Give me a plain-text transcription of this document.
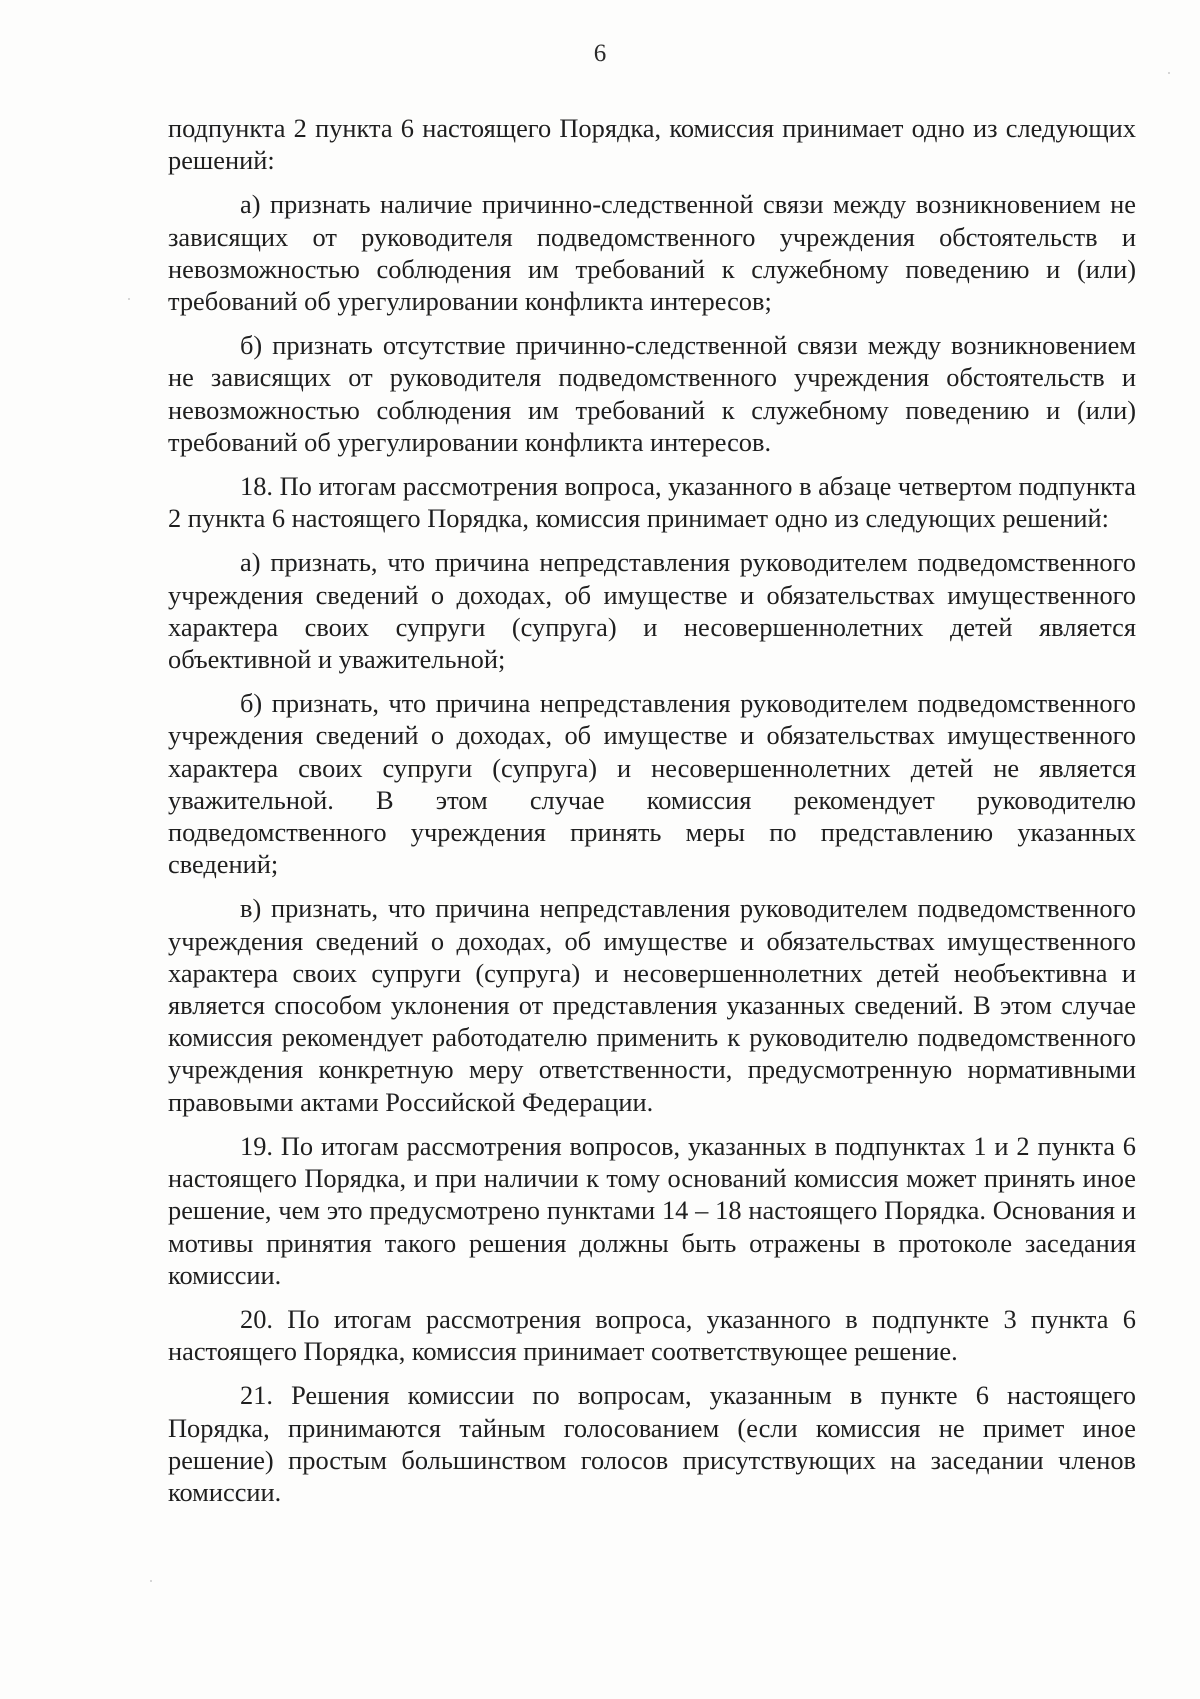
6

подпункта 2 пункта 6 настоящего Порядка, комиссия принимает одно из следующих решений:

а) признать наличие причинно-следственной связи между возникновением не зависящих от руководителя подведомственного учреждения обстоятельств и невозможностью соблюдения им требований к служебному поведению и (или) требований об урегулировании конфликта интересов;

б) признать отсутствие причинно-следственной связи между возникновением не зависящих от руководителя подведомственного учреждения обстоятельств и невозможностью соблюдения им требований к служебному поведению и (или) требований об урегулировании конфликта интересов.

18. По итогам рассмотрения вопроса, указанного в абзаце четвертом подпункта 2 пункта 6 настоящего Порядка, комиссия принимает одно из следующих решений:

а) признать, что причина непредставления руководителем подведомственного учреждения сведений о доходах, об имуществе и обязательствах имущественного характера своих супруги (супруга) и несовершеннолетних детей является объективной и уважительной;

б) признать, что причина непредставления руководителем подведомственного учреждения сведений о доходах, об имуществе и обязательствах имущественного характера своих супруги (супруга) и несовершеннолетних детей не является уважительной. В этом случае комиссия рекомендует руководителю подведомственного учреждения принять меры по представлению указанных сведений;

в) признать, что причина непредставления руководителем подведомственного учреждения сведений о доходах, об имуществе и обязательствах имущественного характера своих супруги (супруга) и несовершеннолетних детей необъективна и является способом уклонения от представления указанных сведений. В этом случае комиссия рекомендует работодателю применить к руководителю подведомственного учреждения конкретную меру ответственности, предусмотренную нормативными правовыми актами Российской Федерации.

19. По итогам рассмотрения вопросов, указанных в подпунктах 1 и 2 пункта 6 настоящего Порядка, и при наличии к тому оснований комиссия может принять иное решение, чем это предусмотрено пунктами 14 – 18 настоящего Порядка. Основания и мотивы принятия такого решения должны быть отражены в протоколе заседания комиссии.

20. По итогам рассмотрения вопроса, указанного в подпункте 3 пункта 6 настоящего Порядка, комиссия принимает соответствующее решение.

21. Решения комиссии по вопросам, указанным в пункте 6 настоящего Порядка, принимаются тайным голосованием (если комиссия не примет иное решение) простым большинством голосов присутствующих на заседании членов комиссии.
